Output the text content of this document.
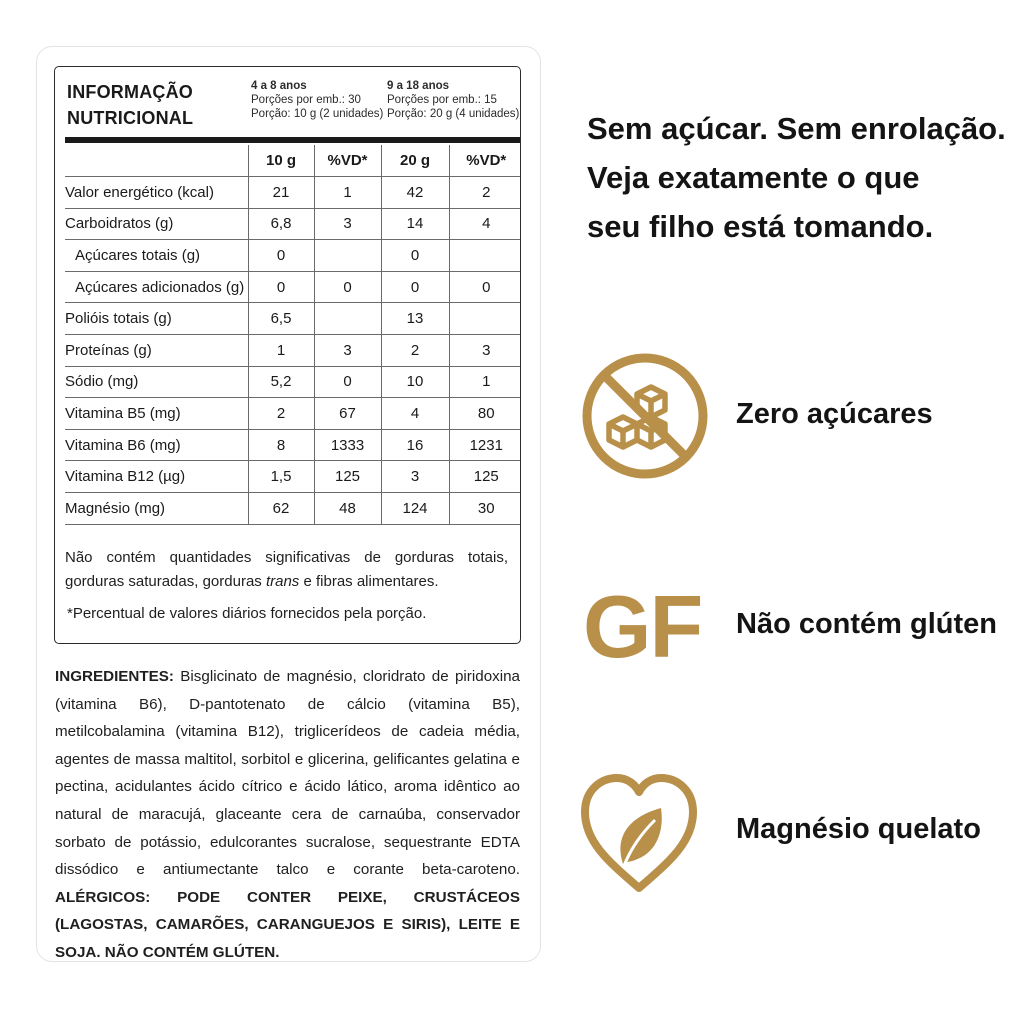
INFORMAÇÃO
NUTRICIONAL
4 a 8 anos
Porções por emb.: 30
Porção: 10 g (2 unidades)
9 a 18 anos
Porções por emb.: 15
Porção: 20 g (4 unidades)
	10 g	%VD*	20 g	%VD*
Valor energético (kcal)	21	1	42	2
Carboidratos (g)	6,8	3	14	4
Açúcares totais (g)	0		0	
Açúcares adicionados (g)	0	0	0	0
Polióis totais (g)	6,5		13	
Proteínas (g)	1	3	2	3
Sódio (mg)	5,2	0	10	1
Vitamina B5 (mg)	2	67	4	80
Vitamina B6 (mg)	8	1333	16	1231
Vitamina B12 (µg)	1,5	125	3	125
Magnésio (mg)	62	48	124	30
Não contém quantidades significativas de gorduras totais, gorduras saturadas, gorduras trans e fibras alimentares.
*Percentual de valores diários fornecidos pela porção.
INGREDIENTES: Bisglicinato de magnésio, cloridrato de piridoxina (vitamina B6), D-pantotenato de cálcio (vitamina B5), metilcobalamina (vitamina B12), triglicerídeos de cadeia média, agentes de massa maltitol, sorbitol e glicerina, gelificantes gelatina e pectina, acidulantes ácido cítrico e ácido lático, aroma idêntico ao natural de maracujá, glaceante cera de carnaúba, conservador sorbato de potássio, edulcorantes sucralose, sequestrante EDTA dissódico e antiumectante talco e corante beta-caroteno. ALÉRGICOS: PODE CONTER PEIXE, CRUSTÁCEOS (LAGOSTAS, CAMARÕES, CARANGUEJOS E SIRIS), LEITE E SOJA. NÃO CONTÉM GLÚTEN.
Sem açúcar. Sem enrolação.
Veja exatamente o que
seu filho está tomando.
Zero açúcares
GF Não contém glúten
Magnésio quelato
